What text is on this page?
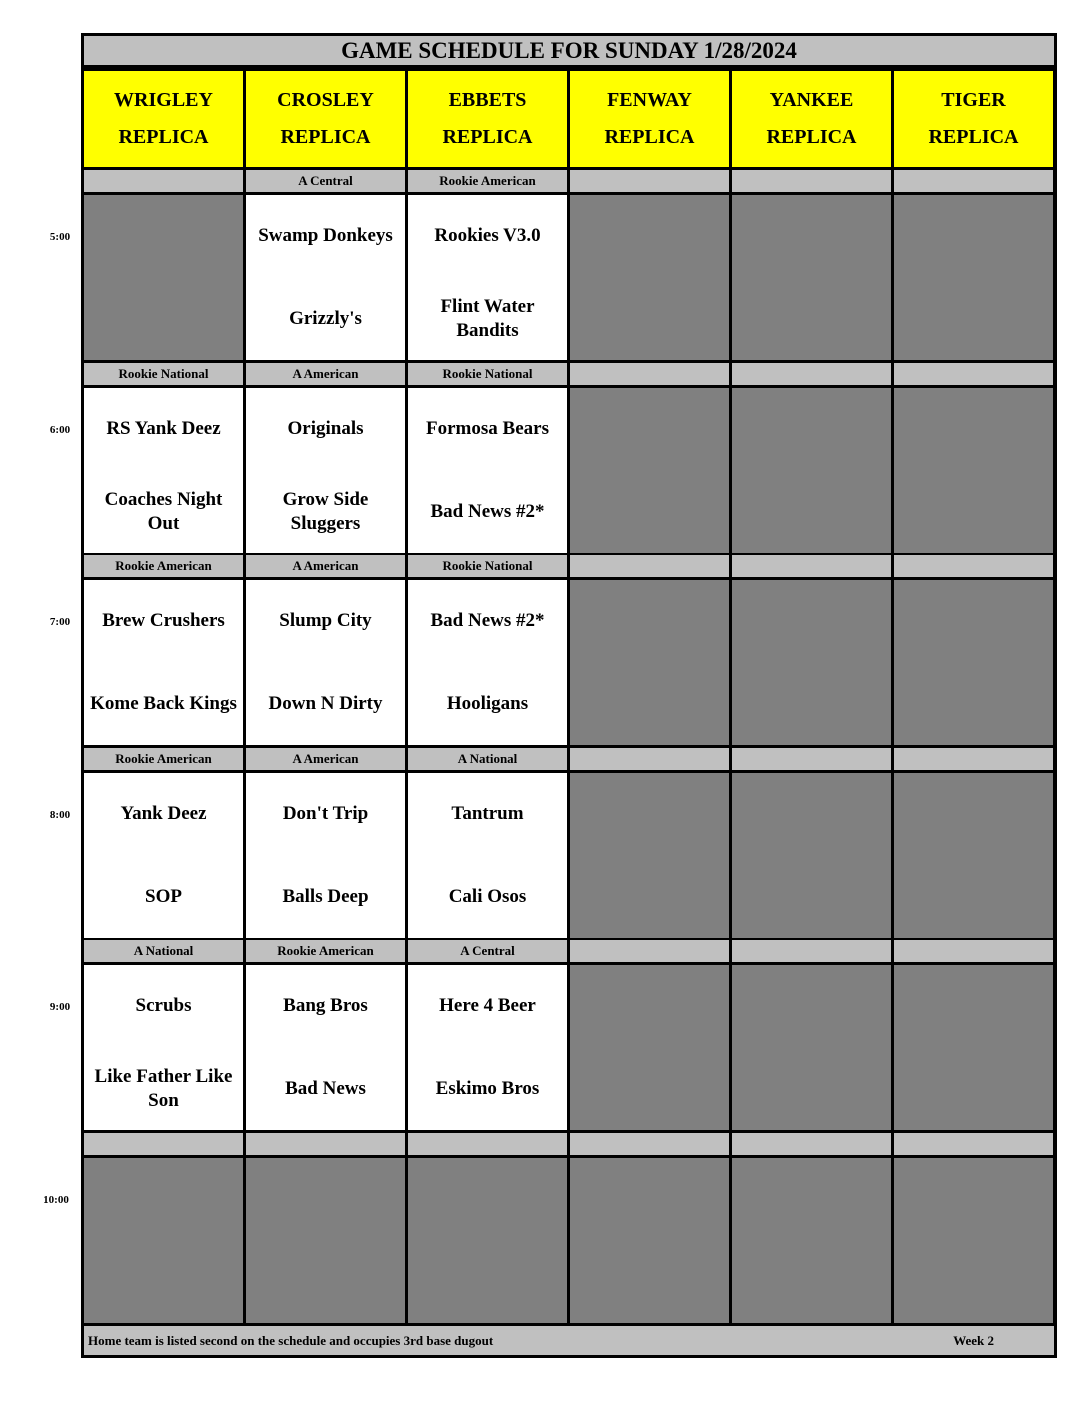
GAME SCHEDULE FOR SUNDAY 1/28/2024
Home team is listed second on the schedule and occupies 3rd base dugout	Week 2
WRIGLEY
REPLICA
CROSLEY
REPLICA
EBBETS
REPLICA
FENWAY
REPLICA
YANKEE
REPLICA
TIGER
REPLICA
A Central
Swamp Donkeys
Grizzly's
Rookie American
Rookies V3.0
Flint Water Bandits
Rookie National
RS Yank Deez
Coaches Night Out
A American
Originals
Grow Side Sluggers
Rookie National
Formosa Bears
Bad News #2*
Rookie American
Brew Crushers
Kome Back Kings
A American
Slump City
Down N Dirty
Rookie National
Bad News #2*
Hooligans
Rookie American
Yank Deez
SOP
A American
Don't Trip
Balls Deep
A National
Tantrum
Cali Osos
A National
Scrubs
Like Father Like Son
Rookie American
Bang Bros
Bad News
A Central
Here 4 Beer
Eskimo Bros
5:00
6:00
7:00
8:00
9:00
10:00
